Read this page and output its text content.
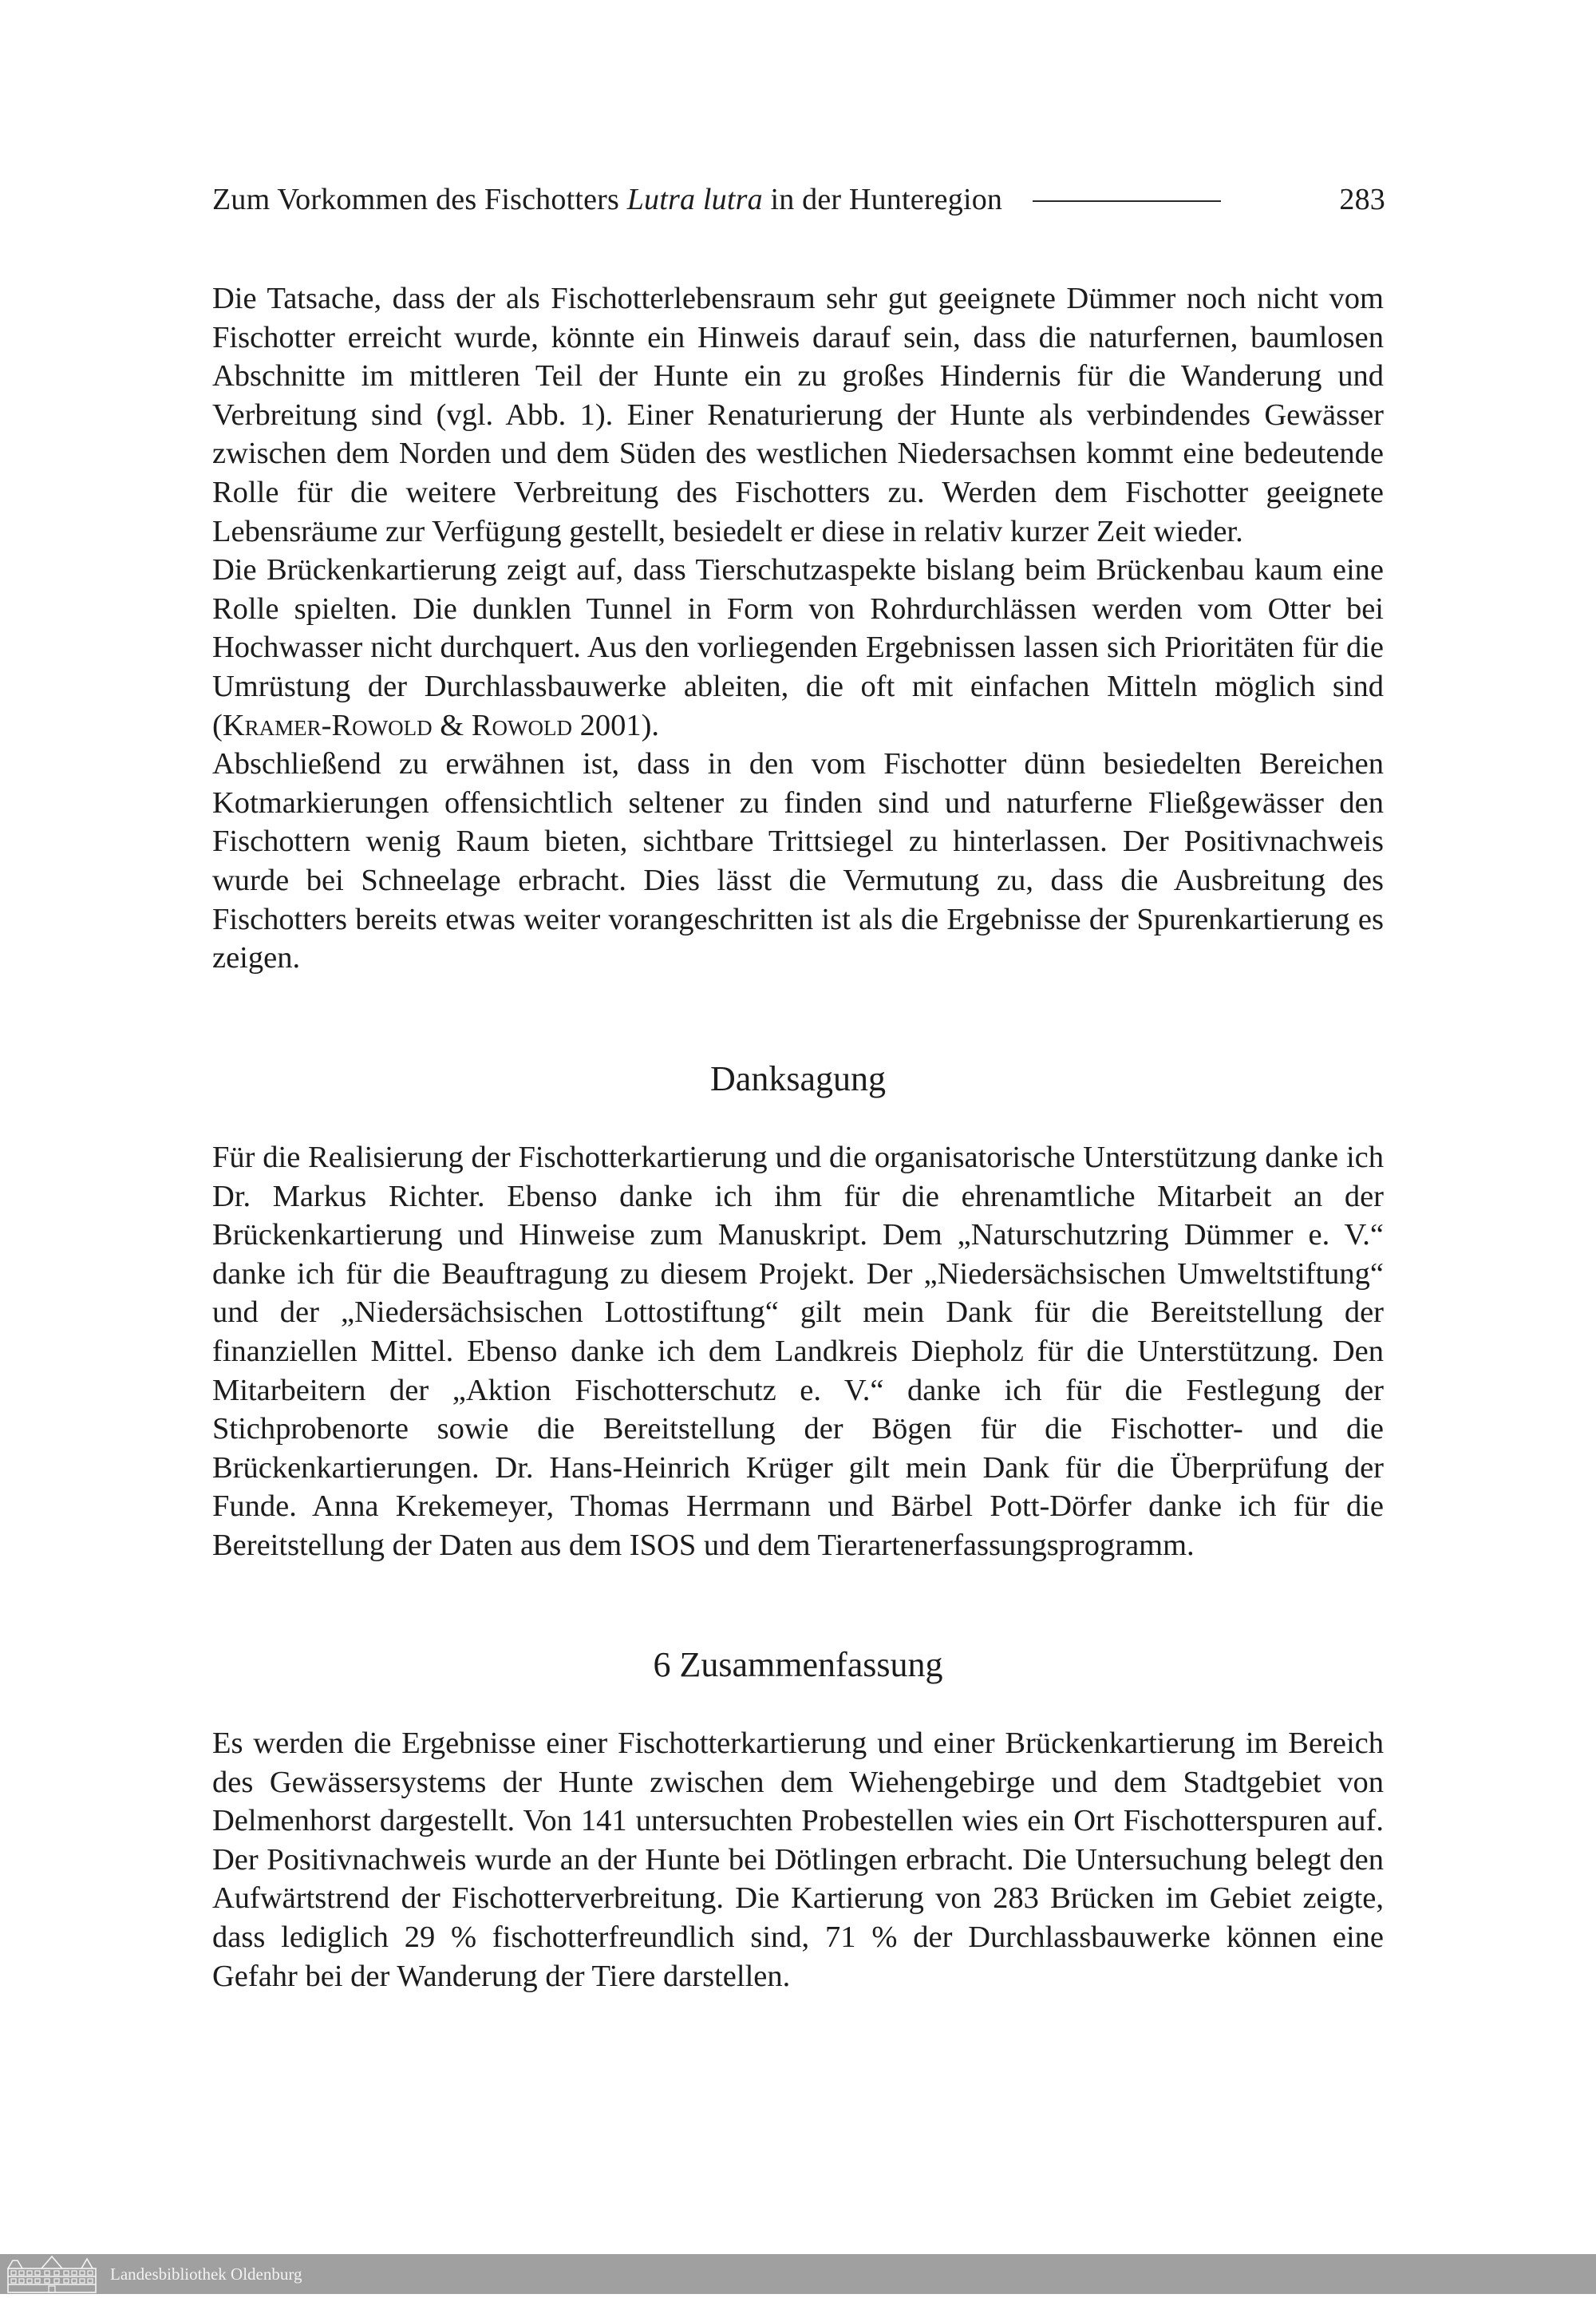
Zum Vorkommen des Fischotters Lutra lutra in der Hunteregion	283

Die Tatsache, dass der als Fischotterlebensraum sehr gut geeignete Dümmer noch nicht vom Fischotter erreicht wurde, könnte ein Hinweis darauf sein, dass die naturfernen, baumlosen Abschnitte im mittleren Teil der Hunte ein zu großes Hindernis für die Wanderung und Verbreitung sind (vgl. Abb. 1). Einer Renaturierung der Hunte als verbindendes Gewässer zwischen dem Norden und dem Süden des westlichen Niedersachsen kommt eine bedeutende Rolle für die weitere Verbreitung des Fischotters zu. Werden dem Fischotter geeignete Lebensräume zur Verfügung gestellt, besiedelt er diese in relativ kurzer Zeit wieder.

Die Brückenkartierung zeigt auf, dass Tierschutzaspekte bislang beim Brückenbau kaum eine Rolle spielten. Die dunklen Tunnel in Form von Rohrdurchlässen werden vom Otter bei Hochwasser nicht durchquert. Aus den vorliegenden Ergebnissen lassen sich Prioritäten für die Umrüstung der Durchlassbauwerke ableiten, die oft mit einfachen Mitteln möglich sind (Kramer-Rowold & Rowold 2001).

Abschließend zu erwähnen ist, dass in den vom Fischotter dünn besiedelten Bereichen Kotmarkierungen offensichtlich seltener zu finden sind und naturferne Fließgewässer den Fischottern wenig Raum bieten, sichtbare Trittsiegel zu hinterlassen. Der Positivnachweis wurde bei Schneelage erbracht. Dies lässt die Vermutung zu, dass die Ausbreitung des Fischotters bereits etwas weiter vorangeschritten ist als die Ergebnisse der Spurenkartierung es zeigen.

Danksagung

Für die Realisierung der Fischotterkartierung und die organisatorische Unterstützung danke ich Dr. Markus Richter. Ebenso danke ich ihm für die ehrenamtliche Mitarbeit an der Brückenkartierung und Hinweise zum Manuskript. Dem „Naturschutzring Dümmer e. V.“ danke ich für die Beauftragung zu diesem Projekt. Der „Niedersächsischen Umweltstiftung“ und der „Niedersächsischen Lottostiftung“ gilt mein Dank für die Bereitstellung der finanziellen Mittel. Ebenso danke ich dem Landkreis Diepholz für die Unterstützung. Den Mitarbeitern der „Aktion Fischotterschutz e. V.“ danke ich für die Festlegung der Stichprobenorte sowie die Bereitstellung der Bögen für die Fischotter- und die Brückenkartierungen. Dr. Hans-Heinrich Krüger gilt mein Dank für die Überprüfung der Funde. Anna Krekemeyer, Thomas Herrmann und Bärbel Pott-Dörfer danke ich für die Bereitstellung der Daten aus dem ISOS und dem Tierartenerfassungsprogramm.

6 Zusammenfassung

Es werden die Ergebnisse einer Fischotterkartierung und einer Brückenkartierung im Bereich des Gewässersystems der Hunte zwischen dem Wiehengebirge und dem Stadtgebiet von Delmenhorst dargestellt. Von 141 untersuchten Probestellen wies ein Ort Fischotterspuren auf. Der Positivnachweis wurde an der Hunte bei Dötlingen erbracht. Die Untersuchung belegt den Aufwärtstrend der Fischotterverbreitung. Die Kartierung von 283 Brücken im Gebiet zeigte, dass lediglich 29 % fischotterfreundlich sind, 71 % der Durchlassbauwerke können eine Gefahr bei der Wanderung der Tiere darstellen.

Landesbibliothek Oldenburg
